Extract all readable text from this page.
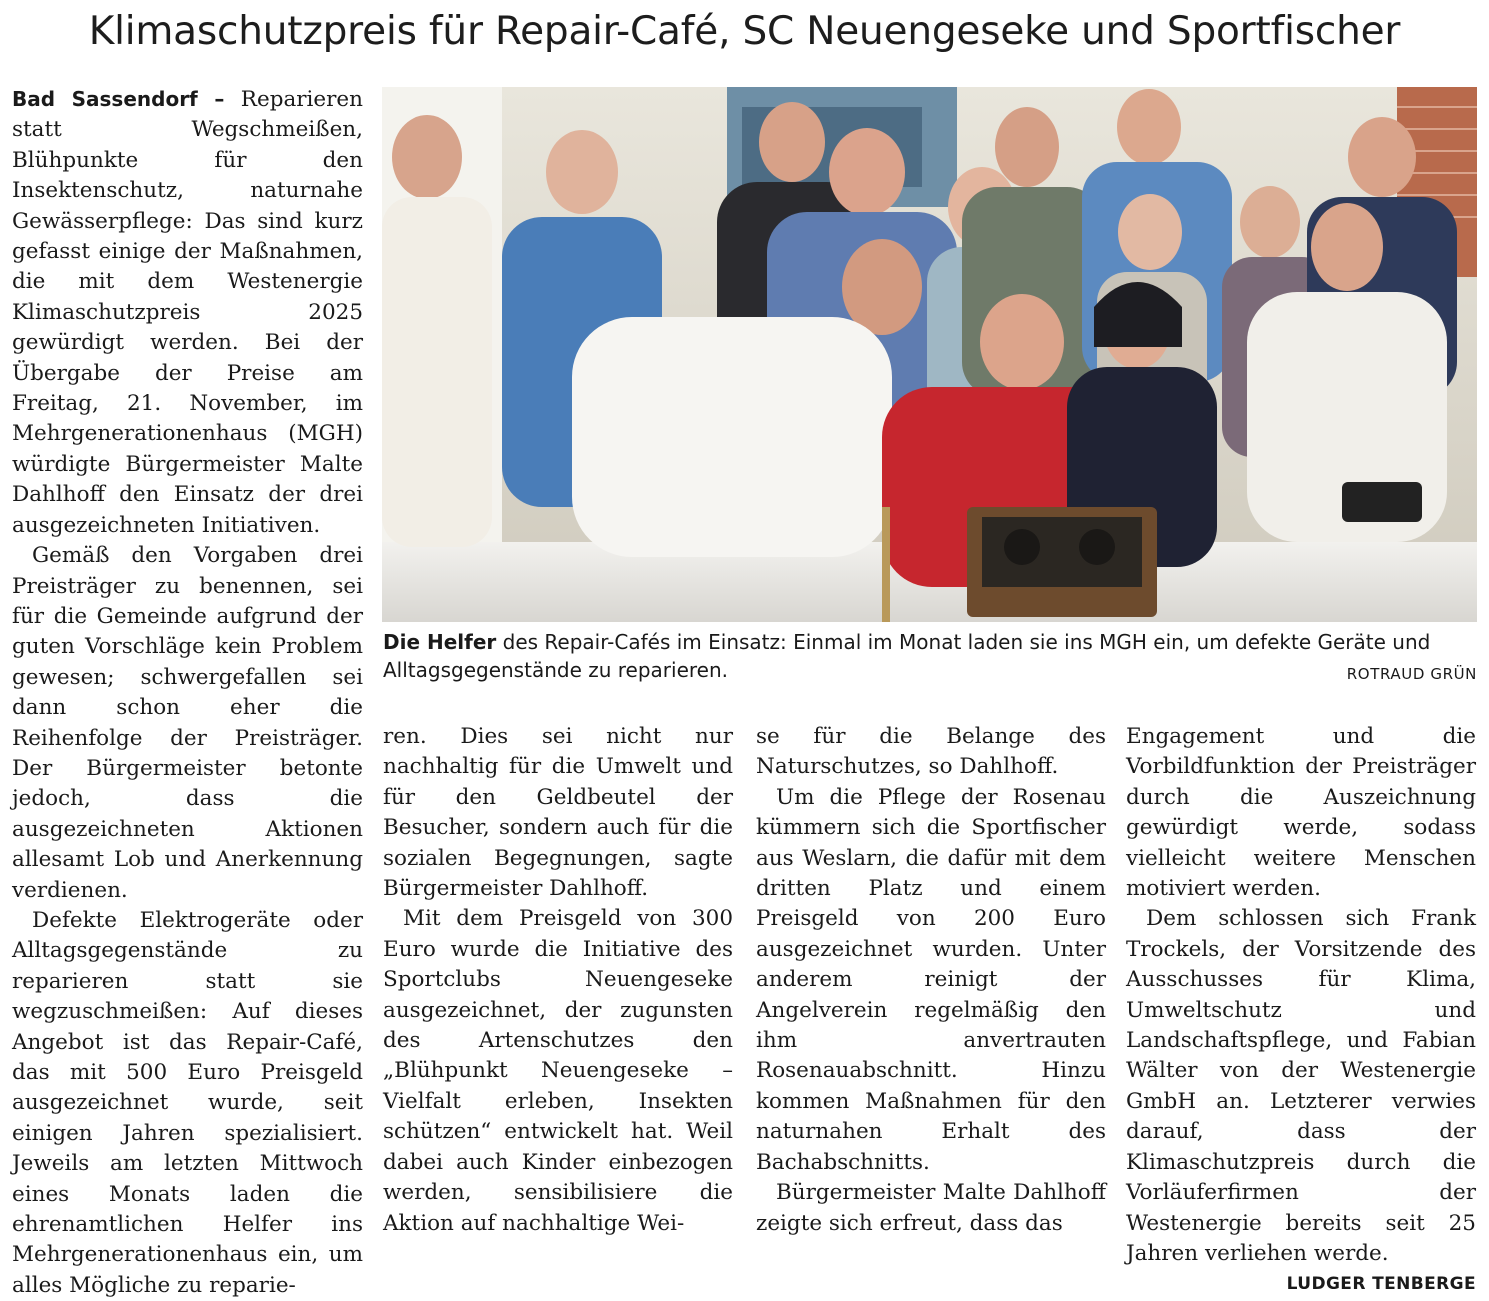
Klimaschutzpreis für Repair-Café, SC Neuengeseke und Sportfischer

Bad Sassendorf – Reparieren statt Wegschmeißen, Blühpunkte für den Insektenschutz, naturnahe Gewässerpflege: Das sind kurz gefasst einige der Maßnahmen, die mit dem Westenergie Klimaschutzpreis 2025 gewürdigt werden. Bei der Übergabe der Preise am Freitag, 21. November, im Mehrgenerationenhaus (MGH) würdigte Bürgermeister Malte Dahlhoff den Einsatz der drei ausgezeichneten Initiativen.

Gemäß den Vorgaben drei Preisträger zu benennen, sei für die Gemeinde aufgrund der guten Vorschläge kein Problem gewesen; schwergefallen sei dann schon eher die Reihenfolge der Preisträger. Der Bürgermeister betonte jedoch, dass die ausgezeichneten Aktionen allesamt Lob und Anerkennung verdienen.

Defekte Elektrogeräte oder Alltagsgegenstände zu reparieren statt sie wegzuschmeißen: Auf dieses Angebot ist das Repair-Café, das mit 500 Euro Preisgeld ausgezeichnet wurde, seit einigen Jahren spezialisiert. Jeweils am letzten Mittwoch eines Monats laden die ehrenamtlichen Helfer ins Mehrgenerationenhaus ein, um alles Mögliche zu reparie-

Die Helfer des Repair-Cafés im Einsatz: Einmal im Monat laden sie ins MGH ein, um defekte Geräte und Alltagsgegenstände zu reparieren.	ROTRAUD GRÜN

ren. Dies sei nicht nur nachhaltig für die Umwelt und für den Geldbeutel der Besucher, sondern auch für die sozialen Begegnungen, sagte Bürgermeister Dahlhoff.

Mit dem Preisgeld von 300 Euro wurde die Initiative des Sportclubs Neuengeseke ausgezeichnet, der zugunsten des Artenschutzes den „Blühpunkt Neuengeseke – Vielfalt erleben, Insekten schützen“ entwickelt hat. Weil dabei auch Kinder einbezogen werden, sensibilisiere die Aktion auf nachhaltige Wei-

se für die Belange des Naturschutzes, so Dahlhoff.

Um die Pflege der Rosenau kümmern sich die Sportfischer aus Weslarn, die dafür mit dem dritten Platz und einem Preisgeld von 200 Euro ausgezeichnet wurden. Unter anderem reinigt der Angelverein regelmäßig den ihm anvertrauten Rosenauabschnitt. Hinzu kommen Maßnahmen für den naturnahen Erhalt des Bachabschnitts.

Bürgermeister Malte Dahlhoff zeigte sich erfreut, dass das

Engagement und die Vorbildfunktion der Preisträger durch die Auszeichnung gewürdigt werde, sodass vielleicht weitere Menschen motiviert werden.

Dem schlossen sich Frank Trockels, der Vorsitzende des Ausschusses für Klima, Umweltschutz und Landschaftspflege, und Fabian Wälter von der Westenergie GmbH an. Letzterer verwies darauf, dass der Klimaschutzpreis durch die Vorläuferfirmen der Westenergie bereits seit 25 Jahren verliehen werde.
LUDGER TENBERGE
